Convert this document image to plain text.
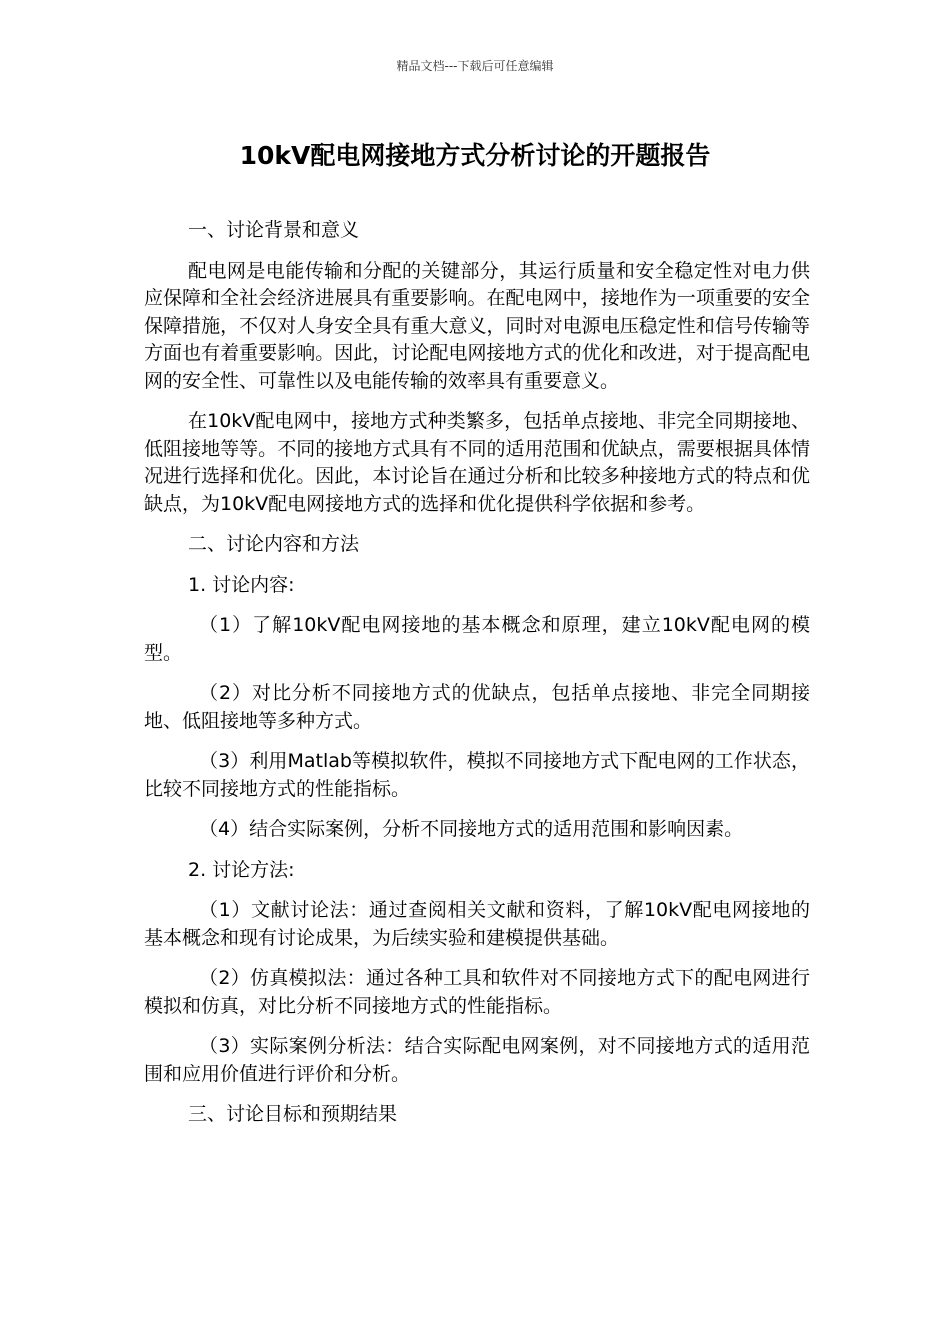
精品文档---下载后可任意编辑
10kV配电网接地方式分析讨论的开题报告

一、讨论背景和意义

配电网是电能传输和分配的关键部分，其运行质量和安全稳定性对电力供应保障和全社会经济进展具有重要影响。在配电网中，接地作为一项重要的安全保障措施，不仅对人身安全具有重大意义，同时对电源电压稳定性和信号传输等方面也有着重要影响。因此，讨论配电网接地方式的优化和改进，对于提高配电网的安全性、可靠性以及电能传输的效率具有重要意义。

在10kV配电网中，接地方式种类繁多，包括单点接地、非完全同期接地、低阻接地等等。不同的接地方式具有不同的适用范围和优缺点，需要根据具体情况进行选择和优化。因此，本讨论旨在通过分析和比较多种接地方式的特点和优缺点，为10kV配电网接地方式的选择和优化提供科学依据和参考。

二、讨论内容和方法

1. 讨论内容:

（1）了解10kV配电网接地的基本概念和原理，建立10kV配电网的模型。

（2）对比分析不同接地方式的优缺点，包括单点接地、非完全同期接地、低阻接地等多种方式。

（3）利用Matlab等模拟软件，模拟不同接地方式下配电网的工作状态，比较不同接地方式的性能指标。

（4）结合实际案例，分析不同接地方式的适用范围和影响因素。

2. 讨论方法:

（1）文献讨论法：通过查阅相关文献和资料，了解10kV配电网接地的基本概念和现有讨论成果，为后续实验和建模提供基础。

（2）仿真模拟法：通过各种工具和软件对不同接地方式下的配电网进行模拟和仿真，对比分析不同接地方式的性能指标。

（3）实际案例分析法：结合实际配电网案例，对不同接地方式的适用范围和应用价值进行评价和分析。

三、讨论目标和预期结果
